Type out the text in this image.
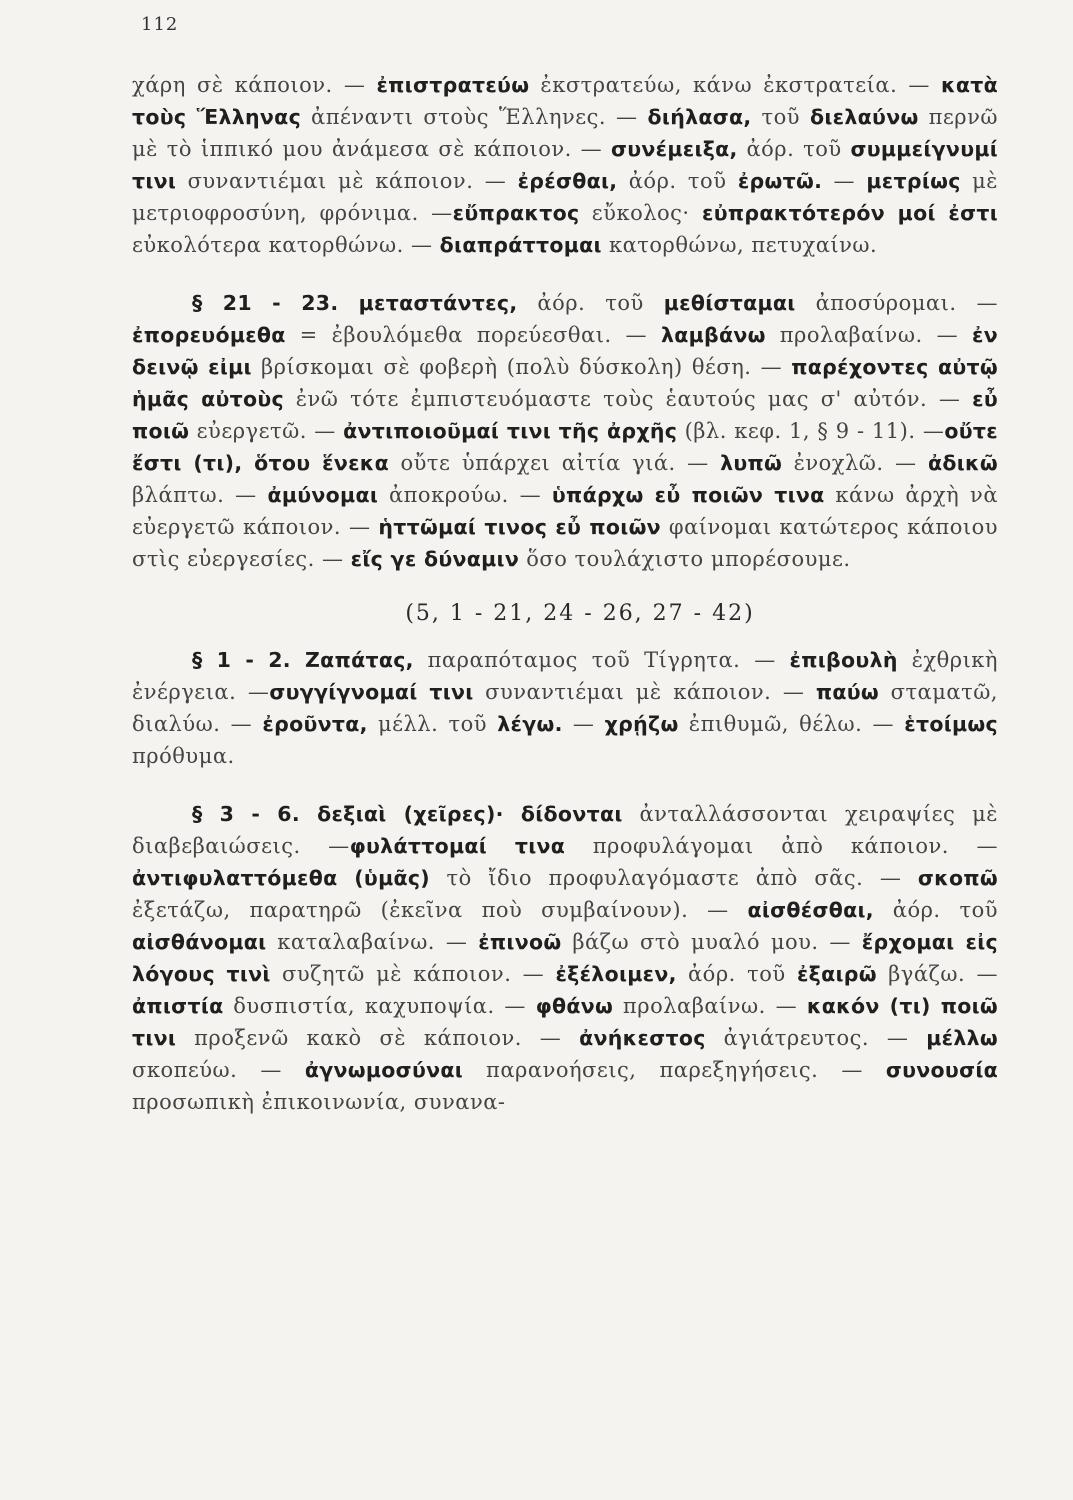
112

χάρη σὲ κάποιον. — ἐπιστρατεύω ἐκστρατεύω, κάνω ἐκστρατεία. — κατὰ τοὺς Ἕλληνας ἀπέναντι στοὺς Ἕλληνες. — διήλασα, τοῦ διελαύνω περνῶ μὲ τὸ ἱππικό μου ἀνάμεσα σὲ κάποιον. — συνέμειξα, ἀόρ. τοῦ συμμείγνυμί τινι συναντιέμαι μὲ κάποιον. — ἐρέσθαι, ἀόρ. τοῦ ἐρωτῶ. — μετρίως μὲ μετριοφροσύνη, φρόνιμα. —εὔπρακτος εὔκολος· εὐπρακτότερόν μοί ἐστι εὐκολότερα κατορθώνω. — διαπράττομαι κατορθώνω, πετυχαίνω.

§ 21 - 23. μεταστάντες, ἀόρ. τοῦ μεθίσταμαι ἀποσύρομαι. — ἐπορευόμεθα = ἐβουλόμεθα πορεύεσθαι. — λαμβάνω προλαβαίνω. — ἐν δεινῷ εἰμι βρίσκομαι σὲ φοβερὴ (πολὺ δύσκολη) θέση. — παρέχοντες αὐτῷ ἡμᾶς αὐτοὺς ἐνῶ τότε ἐμπιστευόμαστε τοὺς ἑαυτούς μας σ' αὐτόν. — εὖ ποιῶ εὐεργετῶ. — ἀντιποιοῦμαί τινι τῆς ἀρχῆς (βλ. κεφ. 1, § 9 - 11). —οὔτε ἔστι (τι), ὅτου ἕνεκα οὔτε ὑπάρχει αἰτία γιά. — λυπῶ ἐνοχλῶ. — ἀδικῶ βλάπτω. — ἀμύνομαι ἀποκρούω. — ὑπάρχω εὖ ποιῶν τινα κάνω ἀρχὴ νὰ εὐεργετῶ κάποιον. — ἡττῶμαί τινος εὖ ποιῶν φαίνομαι κατώτερος κάποιου στὶς εὐεργεσίες. — εἴς γε δύναμιν ὅσο τουλάχιστο μπορέσουμε.

(5, 1 - 21, 24 - 26, 27 - 42)

§ 1 - 2. Ζαπάτας, παραπόταμος τοῦ Τίγρητα. — ἐπιβουλὴ ἐχθρικὴ ἐνέργεια. —συγγίγνομαί τινι συναντιέμαι μὲ κάποιον. — παύω σταματῶ, διαλύω. — ἐροῦντα, μέλλ. τοῦ λέγω. — χρῄζω ἐπιθυμῶ, θέλω. — ἑτοίμως πρόθυμα.

§ 3 - 6. δεξιαὶ (χεῖρες)· δίδονται ἀνταλλάσσονται χειραψίες μὲ διαβεβαιώσεις. —φυλάττομαί τινα προφυλάγομαι ἀπὸ κάποιον. — ἀντιφυλαττόμεθα (ὑμᾶς) τὸ ἴδιο προφυλαγόμαστε ἀπὸ σᾶς. — σκοπῶ ἐξετάζω, παρατηρῶ (ἐκεῖνα ποὺ συμβαίνουν). — αἰσθέσθαι, ἀόρ. τοῦ αἰσθάνομαι καταλαβαίνω. — ἐπινοῶ βάζω στὸ μυαλό μου. — ἔρχομαι εἰς λόγους τινὶ συζητῶ μὲ κάποιον. — ἐξέλοιμεν, ἀόρ. τοῦ ἐξαιρῶ βγάζω. — ἀπιστία δυσπιστία, καχυποψία. — φθάνω προλαβαίνω. — κακόν (τι) ποιῶ τινι προξενῶ κακὸ σὲ κάποιον. — ἀνήκεστος ἀγιάτρευτος. — μέλλω σκοπεύω. — ἀγνωμοσύναι παρανοήσεις, παρεξηγήσεις. — συνουσία προσωπικὴ ἐπικοινωνία, συνανα-
